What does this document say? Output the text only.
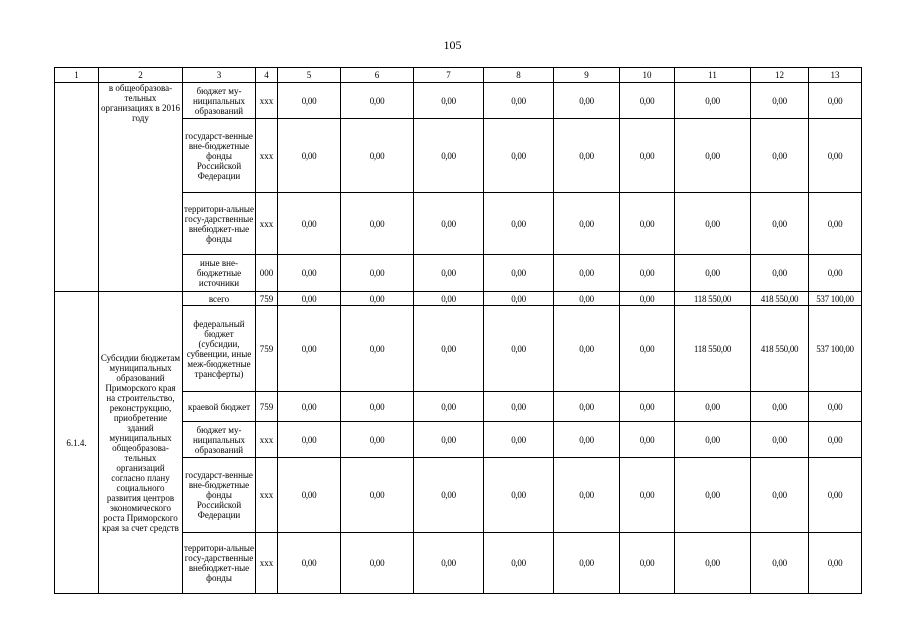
105
1	2	3	4	5	6	7	8	9	10	11	12	13
	в общеобразова-тельных организациях в 2016 году	бюджет му-ниципальных образований	ххх	0,00	0,00	0,00	0,00	0,00	0,00	0,00	0,00	0,00
		государст-венные вне-бюджетные фонды Российской Федерации	ххх	0,00	0,00	0,00	0,00	0,00	0,00	0,00	0,00	0,00
		территори-альные госу-дарственные внебюджет-ные фонды	ххх	0,00	0,00	0,00	0,00	0,00	0,00	0,00	0,00	0,00
		иные вне-бюджетные источники	000	0,00	0,00	0,00	0,00	0,00	0,00	0,00	0,00	0,00
6.1.4.	Субсидии бюджетам муниципальных образований Приморского края на строительство, реконструкцию, приобретение зданий муниципальных общеобразова-тельных организаций согласно плану социального развития центров экономического роста Приморского края за счет средств	всего	759	0,00	0,00	0,00	0,00	0,00	0,00	118 550,00	418 550,00	537 100,00
		федеральный бюджет (субсидии, субвенции, иные меж-бюджетные трансферты)	759	0,00	0,00	0,00	0,00	0,00	0,00	118 550,00	418 550,00	537 100,00
		краевой бюджет	759	0,00	0,00	0,00	0,00	0,00	0,00	0,00	0,00	0,00
		бюджет му-ниципальных образований	ххх	0,00	0,00	0,00	0,00	0,00	0,00	0,00	0,00	0,00
		государст-венные вне-бюджетные фонды Российской Федерации	ххх	0,00	0,00	0,00	0,00	0,00	0,00	0,00	0,00	0,00
		территори-альные госу-дарственные внебюджет-ные фонды	ххх	0,00	0,00	0,00	0,00	0,00	0,00	0,00	0,00	0,00
